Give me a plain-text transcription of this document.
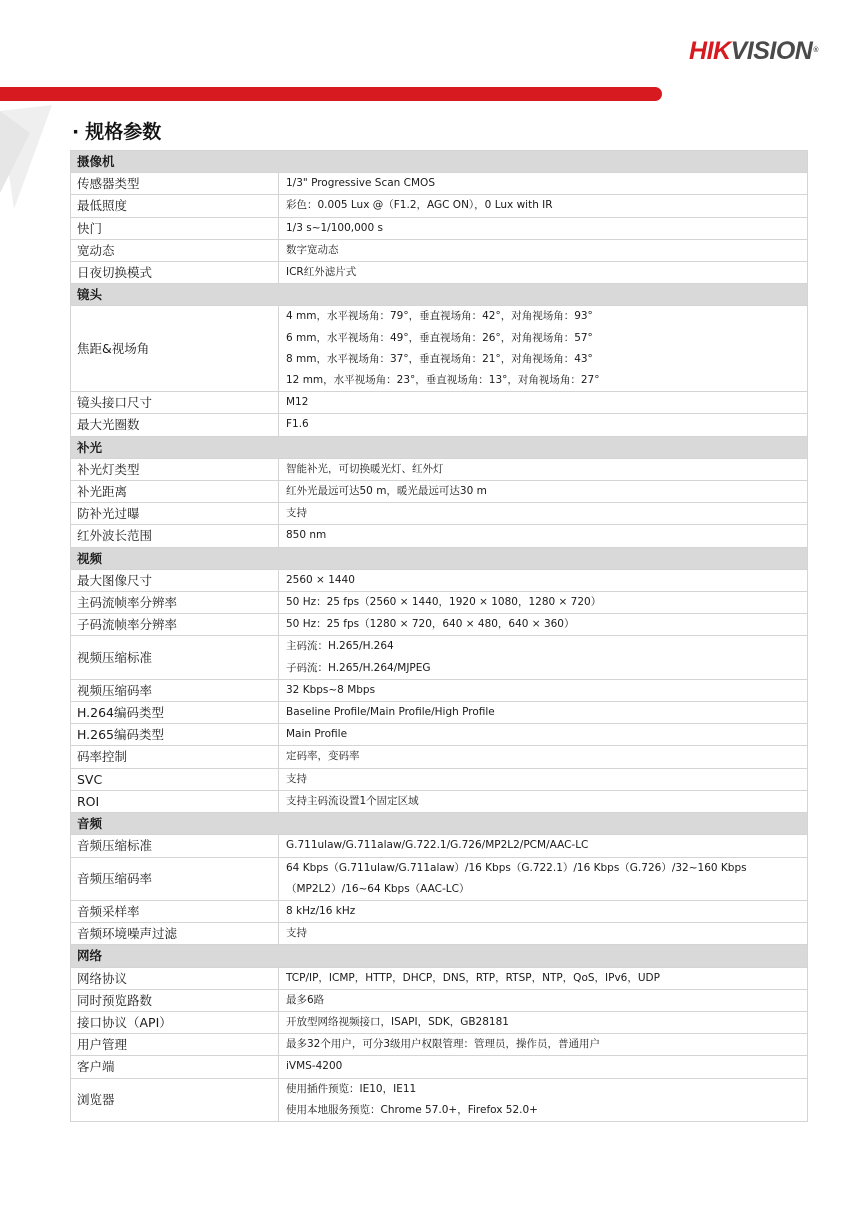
HIKVISION®
· 规格参数
摄像机	
传感器类型	1/3" Progressive Scan CMOS

最低照度	彩色：0.005 Lux @（F1.2，AGC ON），0 Lux with IR

快门	1/3 s~1/100,000 s

宽动态	数字宽动态

日夜切换模式	ICR红外滤片式

镜头	
焦距&视场角	4 mm，水平视场角：79°，垂直视场角：42°，对角视场角：93°
6 mm，水平视场角：49°，垂直视场角：26°，对角视场角：57°
8 mm，水平视场角：37°，垂直视场角：21°，对角视场角：43°
12 mm，水平视场角：23°，垂直视场角：13°，对角视场角：27°

镜头接口尺寸	M12

最大光圈数	F1.6

补光	
补光灯类型	智能补光，可切换暖光灯、红外灯

补光距离	红外光最远可达50 m，暖光最远可达30 m

防补光过曝	支持

红外波长范围	850 nm

视频	
最大图像尺寸	2560 × 1440

主码流帧率分辨率	50 Hz：25 fps（2560 × 1440，1920 × 1080，1280 × 720）

子码流帧率分辨率	50 Hz：25 fps（1280 × 720，640 × 480，640 × 360）

视频压缩标准	主码流：H.265/H.264
子码流：H.265/H.264/MJPEG

视频压缩码率	32 Kbps~8 Mbps

H.264编码类型	Baseline Profile/Main Profile/High Profile

H.265编码类型	Main Profile

码率控制	定码率，变码率

SVC	支持

ROI	支持主码流设置1个固定区域

音频	
音频压缩标准	G.711ulaw/G.711alaw/G.722.1/G.726/MP2L2/PCM/AAC-LC

音频压缩码率	64 Kbps（G.711ulaw/G.711alaw）/16 Kbps（G.722.1）/16 Kbps（G.726）/32~160 Kbps
（MP2L2）/16~64 Kbps（AAC-LC）

音频采样率	8 kHz/16 kHz

音频环境噪声过滤	支持

网络	
网络协议	TCP/IP，ICMP，HTTP，DHCP，DNS，RTP，RTSP，NTP，QoS，IPv6，UDP

同时预览路数	最多6路

接口协议（API）	开放型网络视频接口，ISAPI，SDK，GB28181

用户管理	最多32个用户，可分3级用户权限管理：管理员，操作员，普通用户

客户端	iVMS-4200

浏览器	使用插件预览：IE10，IE11
使用本地服务预览：Chrome 57.0+，Firefox 52.0+
